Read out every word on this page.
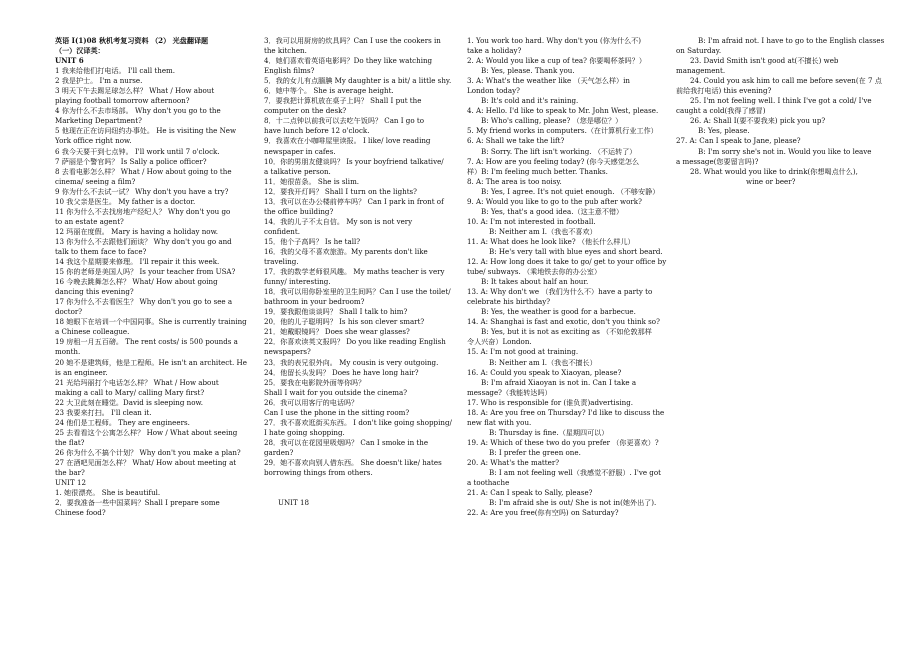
英语 I(1)08 秋机考复习资料 （2） 光盘翻译题
（一）汉译英：
UNIT 6
1 我来给他们打电话。 I'll call them.
2 我是护士。 I'm a nurse.
3 明天下午去踢足球怎么样？ What / How about
playing football tomorrow afternoon?
4 你为什么不去市场部。 Why don't you go to the
Marketing Department?
5 他现在正在访问纽约办事处。 He is visiting the New
York office right now.
6 我今天要干到七点钟。 I'll work until 7 o'clock.
7 萨丽是个警官吗？ Is Sally a police officer?
8 去看电影怎么样？ What / How about going to the
cinema/ seeing a film?
9 你为什么不去试一试？ Why don't you have a try?
10 我父亲是医生。 My father is a doctor.
11 你为什么不去找房地产经纪人？ Why don't you go
to an estate agent?
12 玛丽在度假。 Mary is having a holiday now.
13 你为什么不去跟他们面谈？ Why don't you go and
talk to them face to face?
14 我这个星期要来修理。 I'll repair it this week.
15 你的老师是美国人吗？ Is your teacher from USA?
16 今晚去跳舞怎么样？ What/ How about going
dancing this evening?
17 你为什么不去看医生？ Why don't you go to see a
doctor?
18 她眼下在培训一个中国同事。She is currently training
a Chinese colleague.
19 房租一月五百磅。 The rent costs/ is 500 pounds a
month.
20 她不是建筑师，他是工程师。He isn't an architect. He
is an engineer.
21 光给玛丽打个电话怎么样？ What / How about
making a call to Mary/ calling Mary first?
22 大卫此刻在睡觉。David is sleeping now.
23 我要来打扫。 I'll clean it.
24 他们是工程师。 They are engineers.
25 去看看这个公寓怎么样？ How / What about seeing
the flat?
26 你为什么不搞个计划？ Why don't you make a plan?
27 在酒吧见面怎么样？ What/ How about meeting at
the bar?
UNIT 12
1. 她很漂亮。 She is beautiful.
2．要我准备一些中国菜吗？Shall I prepare some
Chinese food?
3．我可以用厨房的炊具吗？Can I use the cookers in
the kitchen.
4．她们喜欢看英语电影吗？Do they like watching
English films?
5．我的女儿有点腼腆 My daughter is a bit/ a little shy.
6．她中等个。 She is average height.
7．要我把计算机放在桌子上吗？ Shall I put the
computer on the desk?
8．十二点钟以前我可以去吃午饭吗？ Can I go to
have lunch before 12 o'clock.
9．我喜欢在小咖啡屋里读报。 I like/ love reading
newspaper in cafes.
10．你的男朋友健谈吗？ Is your boyfriend talkative/
a talkative person.
11．她很苗条。 She is slim.
12．要我开灯吗？ Shall I turn on the lights?
13．我可以在办公楼前停车吗？ Can I park in front of
the office building?
14．我的儿子不太自信。 My son is not very
confident.
15．他个子高吗？ Is he tall?
16．我的父母不喜欢旅游。My parents don't like
traveling.
17．我的数学老师很风趣。 My maths teacher is very
funny/ interesting.
18．我可以用你卧室里的卫生间吗？Can I use the toilet/
bathroom in your bedroom?
19．要我跟他谈谈吗？ Shall I talk to him?
20．他的儿子聪明吗？ Is his son clever smart?
21．她戴眼镜吗？ Does she wear glasses?
22．你喜欢读英文报吗？ Do you like reading English
newspapers?
23．我的表兄很外向。 My cousin is very outgoing.
24．他留长头发吗？ Does he have long hair?
25．要我在电影院外面等你吗？
Shall I wait for you outside the cinema?
26．我可以用客厅的电话吗？
Can I use the phone in the sitting room?
27．我不喜欢逛街买东西。 I don't like going shopping/
I hate going shopping.
28．我可以在花园里吸烟吗？ Can I smoke in the
garden?
29．她不喜欢向别人借东西。 She doesn't like/ hates
borrowing things from others.

UNIT 18
1. You work too hard. Why don't you (你为什么不)
take a holiday?
2. A: Would you like a cup of tea? 你要喝杯茶吗？）
B: Yes, please. Thank you.
3. A: What's the weather like （天气怎么样）in
London today?
B: It's cold and it's raining.
4. A: Hello. I'd like to speak to Mr. John West, please.
B: Who's calling, please? （您是哪位？）
5. My friend works in computers.（在计算机行业工作）
6. A: Shall we take the lift?
B: Sorry. The lift isn't working. （不运转了）
7. A: How are you feeling today? (你今天感觉怎么
样）B: I'm feeling much better. Thanks.
8. A: The area is too noisy.
B: Yes, I agree. It's not quiet enough. （不够安静）
9. A: Would you like to go to the pub after work?
B: Yes, that's a good idea.（这主意不错）
10. A: I'm not interested in football.
B: Neither am I.（我也不喜欢）
11. A: What does he look like? （他长什么样儿）
B: He's very tall with blue eyes and short beard.
12. A: How long does it take to go/ get to your office by
tube/ subways. （乘地铁去你的办公室）
B: It takes about half an hour.
13. A: Why don't we （我们为什么不）have a party to
celebrate his birthday?
B: Yes, the weather is good for a barbecue.
14. A: Shanghai is fast and exotic, don't you think so?
B: Yes, but it is not as exciting as （不如伦敦那样
令人兴奋）London.
15. A: I'm not good at training.
B: Neither am I.（我也不擅长）
16. A: Could you speak to Xiaoyan, please?
B: I'm afraid Xiaoyan is not in. Can I take a
message?（我能转达吗）
17. Who is responsible for (谁负责)advertising.
18. A: Are you free on Thursday? I'd like to discuss the
new flat with you.
B: Thursday is fine.（星期四可以）
19. A: Which of these two do you prefer （你更喜欢）?
B: I prefer the green one.
20. A: What's the matter?
B: I am not feeling well（我感觉不舒服）. I've got
a toothache
21. A: Can I speak to Sally, please?
B: I'm afraid she is out/ She is not in(她外出了).
22. A: Are you free(你有空吗) on Saturday?
B: I'm afraid not. I have to go to the English classes
on Saturday.
23. David Smith isn't good at(不擅长) web
management.
24. Could you ask him to call me before seven(在 7 点
前给我打电话) this evening?
25. I'm not feeling well. I think I've got a cold/ I've
caught a cold(我得了感冒)
26. A: Shall I(要不要我来) pick you up?
B: Yes, please.
27. A: Can I speak to Jane, please?
B: I'm sorry she's not in. Would you like to leave
a message(您要留言吗)?
28. What would you like to drink(你想喝点什么),
wine or beer?
